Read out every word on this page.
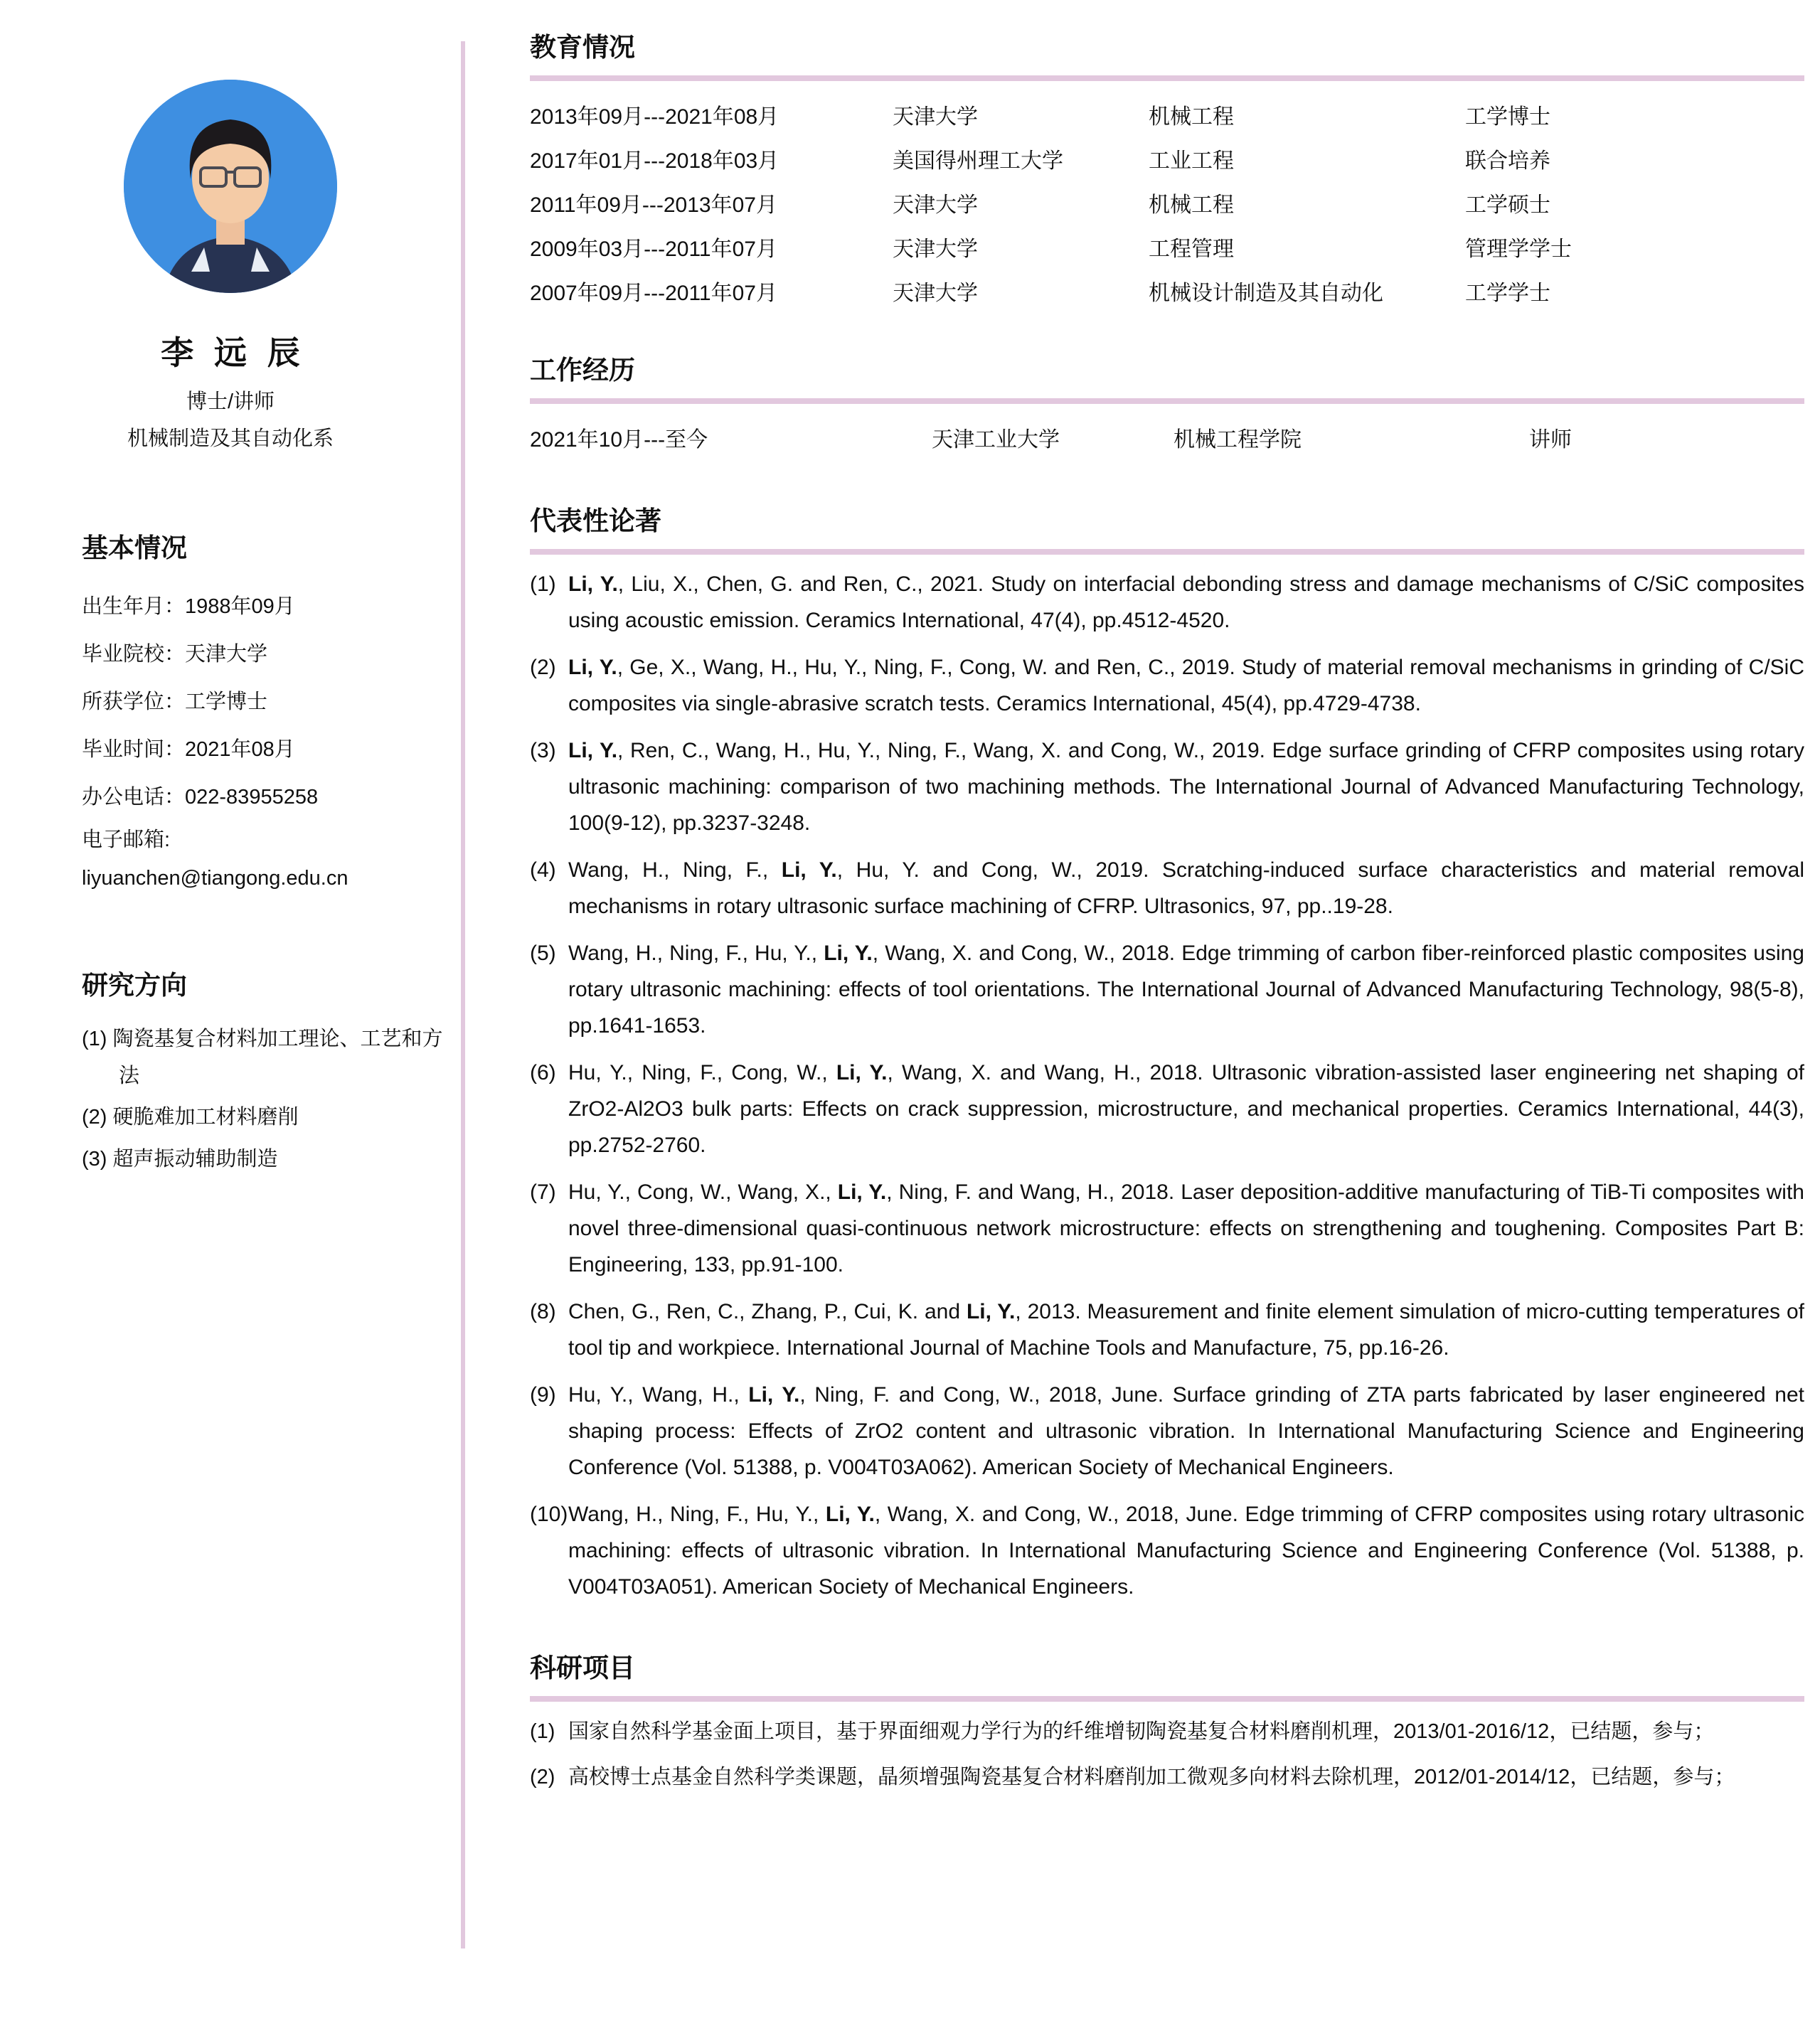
李 远 辰
博士/讲师
机械制造及其自动化系
基本情况
出生年月：1988年09月
毕业院校：天津大学
所获学位：工学博士
毕业时间：2021年08月
办公电话：022-83955258
电子邮箱:
liyuanchen@tiangong.edu.cn
研究方向
(1) 陶瓷基复合材料加工理论、工艺和方法
(2) 硬脆难加工材料磨削
(3) 超声振动辅助制造
教育情况
2013年09月---2021年08月	天津大学	机械工程	工学博士
2017年01月---2018年03月	美国得州理工大学	工业工程	联合培养
2011年09月---2013年07月	天津大学	机械工程	工学硕士
2009年03月---2011年07月	天津大学	工程管理	管理学学士
2007年09月---2011年07月	天津大学	机械设计制造及其自动化	工学学士
工作经历
2021年10月---至今	天津工业大学	机械工程学院	讲师
代表性论著
(1) Li, Y., Liu, X., Chen, G. and Ren, C., 2021. Study on interfacial debonding stress and damage mechanisms of C/SiC composites using acoustic emission. Ceramics International, 47(4), pp.4512-4520.
(2) Li, Y., Ge, X., Wang, H., Hu, Y., Ning, F., Cong, W. and Ren, C., 2019. Study of material removal mechanisms in grinding of C/SiC composites via single-abrasive scratch tests. Ceramics International, 45(4), pp.4729-4738.
(3) Li, Y., Ren, C., Wang, H., Hu, Y., Ning, F., Wang, X. and Cong, W., 2019. Edge surface grinding of CFRP composites using rotary ultrasonic machining: comparison of two machining methods. The International Journal of Advanced Manufacturing Technology, 100(9-12), pp.3237-3248.
(4) Wang, H., Ning, F., Li, Y., Hu, Y. and Cong, W., 2019. Scratching-induced surface characteristics and material removal mechanisms in rotary ultrasonic surface machining of CFRP. Ultrasonics, 97, pp..19-28.
(5) Wang, H., Ning, F., Hu, Y., Li, Y., Wang, X. and Cong, W., 2018. Edge trimming of carbon fiber-reinforced plastic composites using rotary ultrasonic machining: effects of tool orientations. The International Journal of Advanced Manufacturing Technology, 98(5-8), pp.1641-1653.
(6) Hu, Y., Ning, F., Cong, W., Li, Y., Wang, X. and Wang, H., 2018. Ultrasonic vibration-assisted laser engineering net shaping of ZrO2-Al2O3 bulk parts: Effects on crack suppression, microstructure, and mechanical properties. Ceramics International, 44(3), pp.2752-2760.
(7) Hu, Y., Cong, W., Wang, X., Li, Y., Ning, F. and Wang, H., 2018. Laser deposition-additive manufacturing of TiB-Ti composites with novel three-dimensional quasi-continuous network microstructure: effects on strengthening and toughening. Composites Part B: Engineering, 133, pp.91-100.
(8) Chen, G., Ren, C., Zhang, P., Cui, K. and Li, Y., 2013. Measurement and finite element simulation of micro-cutting temperatures of tool tip and workpiece. International Journal of Machine Tools and Manufacture, 75, pp.16-26.
(9) Hu, Y., Wang, H., Li, Y., Ning, F. and Cong, W., 2018, June. Surface grinding of ZTA parts fabricated by laser engineered net shaping process: Effects of ZrO2 content and ultrasonic vibration. In International Manufacturing Science and Engineering Conference (Vol. 51388, p. V004T03A062). American Society of Mechanical Engineers.
(10) Wang, H., Ning, F., Hu, Y., Li, Y., Wang, X. and Cong, W., 2018, June. Edge trimming of CFRP composites using rotary ultrasonic machining: effects of ultrasonic vibration. In International Manufacturing Science and Engineering Conference (Vol. 51388, p. V004T03A051). American Society of Mechanical Engineers.
科研项目
(1) 国家自然科学基金面上项目，基于界面细观力学行为的纤维增韧陶瓷基复合材料磨削机理，2013/01-2016/12，已结题，参与；
(2) 高校博士点基金自然科学类课题，晶须增强陶瓷基复合材料磨削加工微观多向材料去除机理，2012/01-2014/12，已结题，参与；
